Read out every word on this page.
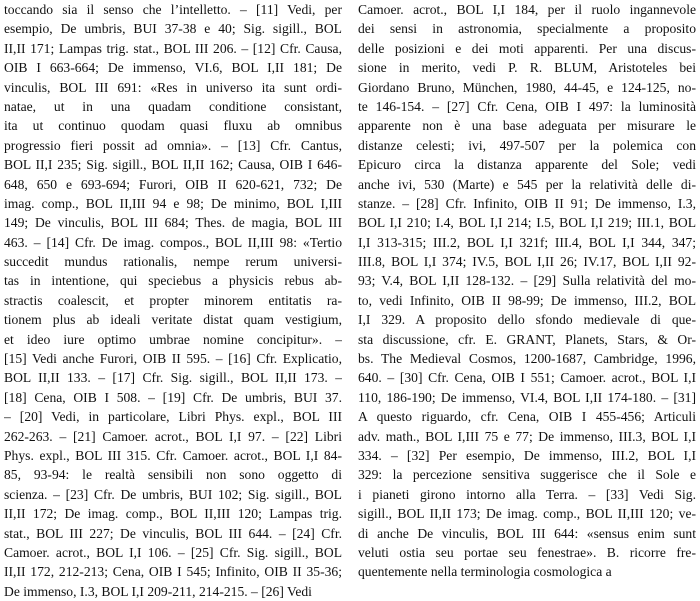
toccando sia il senso che l’intelletto. – [11] Vedi, per
esempio, De umbris, BUI 37-38 e 40; Sig. sigill., BOL
II,II 171; Lampas trig. stat., BOL III 206. – [12] Cfr. Causa,
OIB I 663-664; De immenso, VI.6, BOL I,II 181; De
vinculis, BOL III 691: «Res in universo ita sunt ordi-
natae, ut in una quadam conditione consistant,
ita ut continuo quodam quasi fluxu ab omnibus
progressio fieri possit ad omnia». – [13] Cfr. Cantus,
BOL II,I 235; Sig. sigill., BOL II,II 162; Causa, OIB I 646-
648, 650 e 693-694; Furori, OIB II 620-621, 732; De
imag. comp., BOL II,III 94 e 98; De minimo, BOL I,III
149; De vinculis, BOL III 684; Thes. de magia, BOL III
463. – [14] Cfr. De imag. compos., BOL II,III 98: «Tertio
succedit mundus rationalis, nempe rerum universi-
tas in intentione, qui speciebus a physicis rebus ab-
stractis coalescit, et propter minorem entitatis ra-
tionem plus ab ideali veritate distat quam vestigium,
et ideo iure optimo umbrae nomine concipitur». –
[15] Vedi anche Furori, OIB II 595. – [16] Cfr. Explicatio,
BOL II,II 133. – [17] Cfr. Sig. sigill., BOL II,II 173. –
[18] Cena, OIB I 508. – [19] Cfr. De umbris, BUI 37.
– [20] Vedi, in particolare, Libri Phys. expl., BOL III
262-263. – [21] Camoer. acrot., BOL I,I 97. – [22] Libri
Phys. expl., BOL III 315. Cfr. Camoer. acrot., BOL I,I 84-
85, 93-94: le realtà sensibili non sono oggetto di
scienza. – [23] Cfr. De umbris, BUI 102; Sig. sigill., BOL
II,II 172; De imag. comp., BOL II,III 120; Lampas trig.
stat., BOL III 227; De vinculis, BOL III 644. – [24] Cfr.
Camoer. acrot., BOL I,I 106. – [25] Cfr. Sig. sigill., BOL
II,II 172, 212-213; Cena, OIB I 545; Infinito, OIB II 35-36;
De immenso, I.3, BOL I,I 209-211, 214-215. – [26] Vedi
Camoer. acrot., BOL I,I 184, per il ruolo ingannevole
dei sensi in astronomia, specialmente a proposito
delle posizioni e dei moti apparenti. Per una discus-
sione in merito, vedi P. R. BLUM, Aristoteles bei
Giordano Bruno, München, 1980, 44-45, e 124-125, no-
te 146-154. – [27] Cfr. Cena, OIB I 497: la luminosità
apparente non è una base adeguata per misurare le
distanze celesti; ivi, 497-507 per la polemica con
Epicuro circa la distanza apparente del Sole; vedi
anche ivi, 530 (Marte) e 545 per la relatività delle di-
stanze. – [28] Cfr. Infinito, OIB II 91; De immenso, I.3,
BOL I,I 210; I.4, BOL I,I 214; I.5, BOL I,I 219; III.1, BOL
I,I 313-315; III.2, BOL I,I 321f; III.4, BOL I,I 344, 347;
III.8, BOL I,I 374; IV.5, BOL I,II 26; IV.17, BOL I,II 92-
93; V.4, BOL I,II 128-132. – [29] Sulla relatività del mo-
to, vedi Infinito, OIB II 98-99; De immenso, III.2, BOL
I,I 329. A proposito dello sfondo medievale di que-
sta discussione, cfr. E. GRANT, Planets, Stars, & Or-
bs. The Medieval Cosmos, 1200-1687, Cambridge, 1996,
640. – [30] Cfr. Cena, OIB I 551; Camoer. acrot., BOL I,I
110, 186-190; De immenso, VI.4, BOL I,II 174-180. – [31]
A questo riguardo, cfr. Cena, OIB I 455-456; Articuli
adv. math., BOL I,III 75 e 77; De immenso, III.3, BOL I,I
334. – [32] Per esempio, De immenso, III.2, BOL I,I
329: la percezione sensitiva suggerisce che il Sole e
i pianeti girono intorno alla Terra. – [33] Vedi Sig.
sigill., BOL II,II 173; De imag. comp., BOL II,III 120; ve-
di anche De vinculis, BOL III 644: «sensus enim sunt
veluti ostia seu portae seu fenestrae». B. ricorre fre-
quentemente nella terminologia cosmologica a
